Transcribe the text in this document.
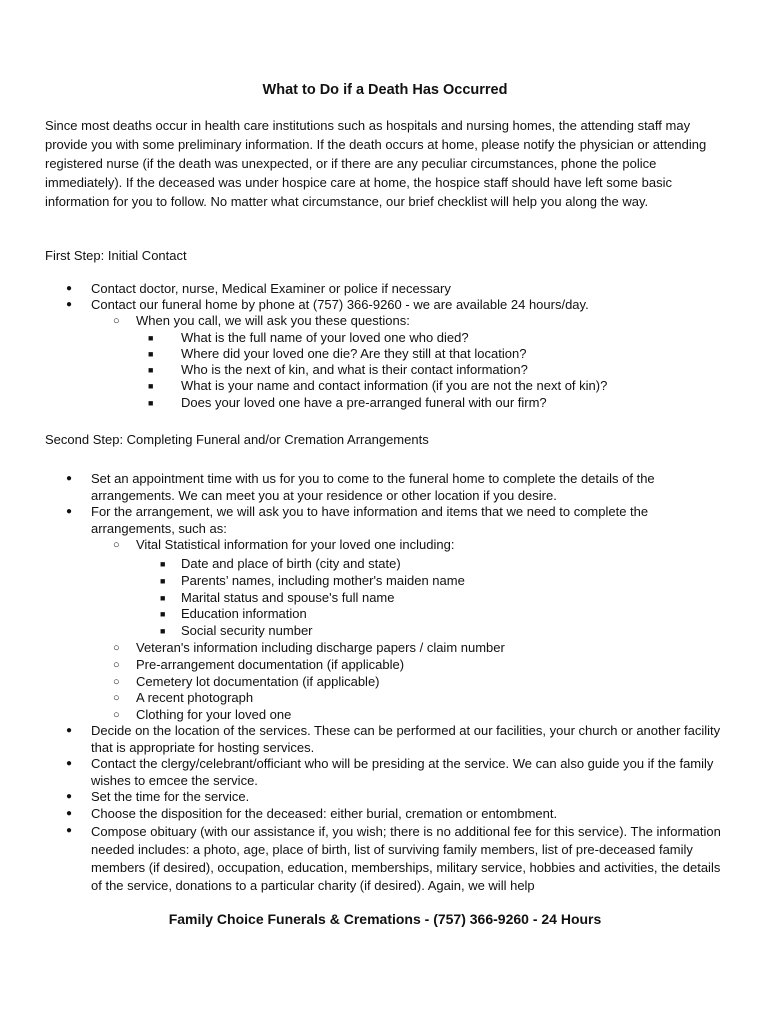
What to Do if a Death Has Occurred
Since most deaths occur in health care institutions such as hospitals and nursing homes, the attending staff may provide you with some preliminary information. If the death occurs at home, please notify the physician or attending registered nurse (if the death was unexpected, or if there are any peculiar circumstances, phone the police immediately). If the deceased was under hospice care at home, the hospice staff should have left some basic information for you to follow. No matter what circumstance, our brief checklist will help you along the way.
First Step: Initial Contact
● Contact doctor, nurse, Medical Examiner or police if necessary
● Contact our funeral home by phone at (757) 366-9260 - we are available 24 hours/day.
○ When you call, we will ask you these questions:
■ What is the full name of your loved one who died?
■ Where did your loved one die? Are they still at that location?
■ Who is the next of kin, and what is their contact information?
■ What is your name and contact information (if you are not the next of kin)?
■ Does your loved one have a pre-arranged funeral with our firm?
Second Step: Completing Funeral and/or Cremation Arrangements
● Set an appointment time with us for you to come to the funeral home to complete the details of the arrangements. We can meet you at your residence or other location if you desire.
● For the arrangement, we will ask you to have information and items that we need to complete the arrangements, such as:
○ Vital Statistical information for your loved one including:
■ Date and place of birth (city and state)
■ Parents’ names, including mother's maiden name
■ Marital status and spouse's full name
■ Education information
■ Social security number
○ Veteran's information including discharge papers / claim number
○ Pre-arrangement documentation (if applicable)
○ Cemetery lot documentation (if applicable)
○ A recent photograph
○ Clothing for your loved one
● Decide on the location of the services. These can be performed at our facilities, your church or another facility that is appropriate for hosting services.
● Contact the clergy/celebrant/officiant who will be presiding at the service. We can also guide you if the family wishes to emcee the service.
● Set the time for the service.
● Choose the disposition for the deceased: either burial, cremation or entombment.
● Compose obituary (with our assistance if, you wish; there is no additional fee for this service). The information needed includes: a photo, age, place of birth, list of surviving family members, list of pre-deceased family members (if desired), occupation, education, memberships, military service, hobbies and activities, the details of the service, donations to a particular charity (if desired). Again, we will help
Family Choice Funerals & Cremations - (757) 366-9260 - 24 Hours
